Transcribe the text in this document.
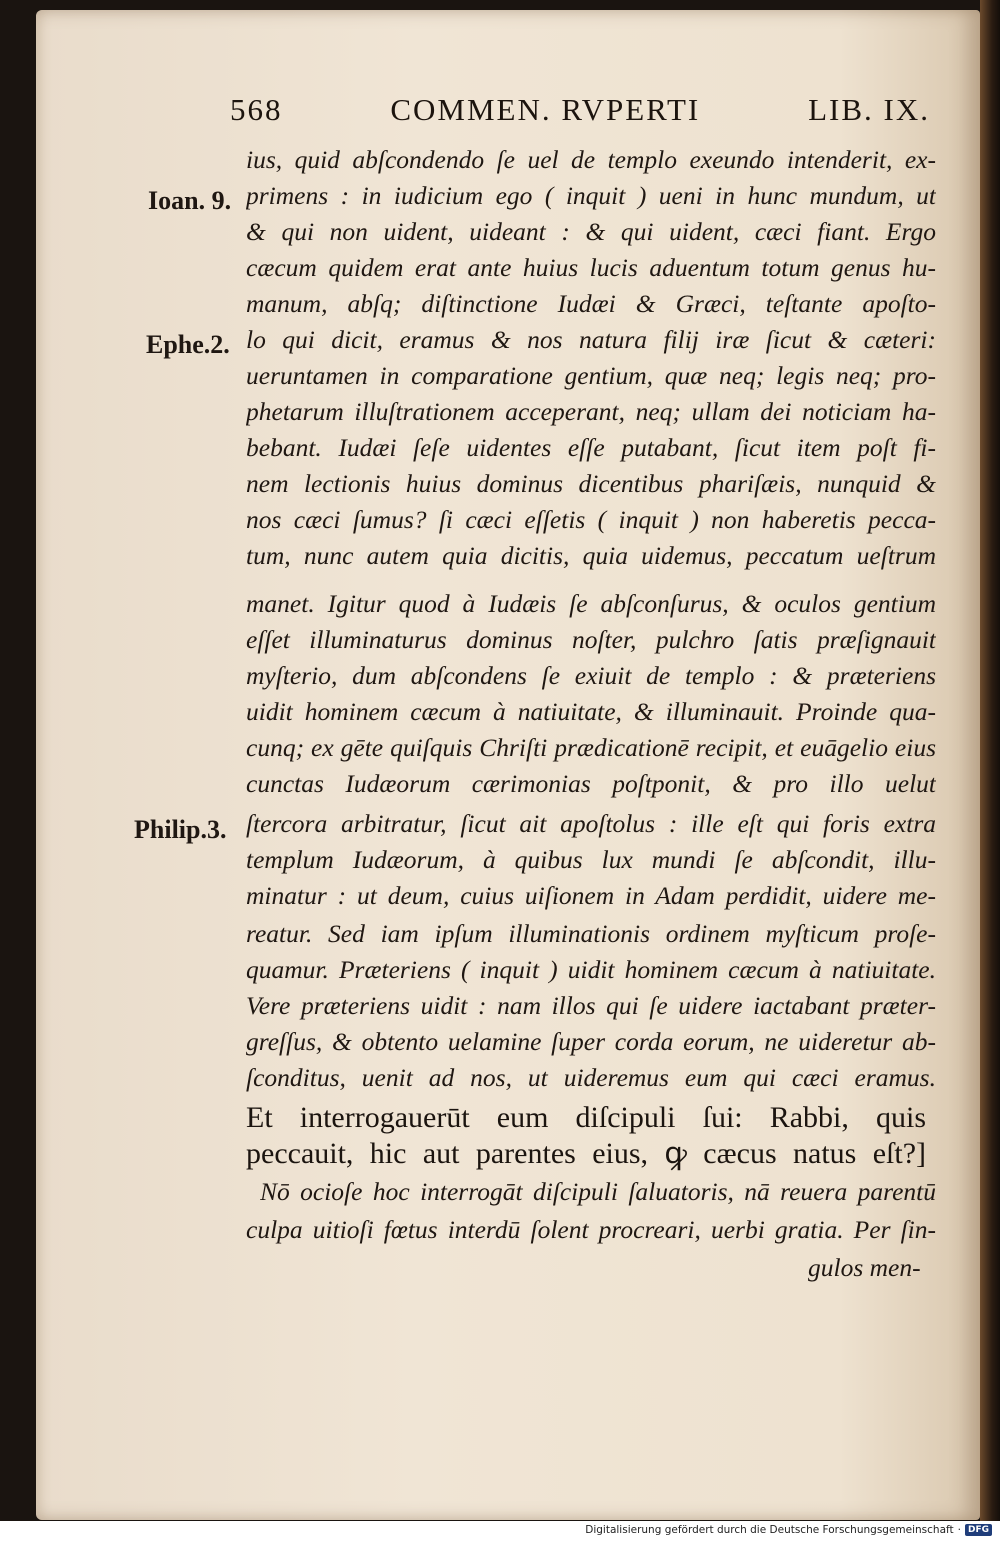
568	COMMEN. RVPERTI	LIB. IX.
Ioan. 9.
Ephe.2.
Philip.3.
ius, quid abſcondendo ſe uel de templo exeundo intenderit, ex-
primens : in iudicium ego ( inquit ) ueni in hunc mundum, ut
& qui non uident, uideant : & qui uident, cæci fiant. Ergo
cæcum quidem erat ante huius lucis aduentum totum genus hu-
manum, abſq; diſtinctione Iudæi & Græci, teſtante apoſto-
lo qui dicit, eramus & nos natura filij iræ ſicut & cæteri:
ueruntamen in comparatione gentium, quæ neq; legis neq; pro-
phetarum illuſtrationem acceperant, neq; ullam dei noticiam ha-
bebant. Iudæi ſeſe uidentes eſſe putabant, ſicut item poſt fi-
nem lectionis huius dominus dicentibus phariſæis, nunquid &
nos cæci ſumus? ſi cæci eſſetis ( inquit ) non haberetis pecca-
tum, nunc autem quia dicitis, quia uidemus, peccatum ueſtrum
manet. Igitur quod à Iudæis ſe abſconſurus, & oculos gentium
eſſet illuminaturus dominus noſter, pulchro ſatis præſignauit
myſterio, dum abſcondens ſe exiuit de templo : & præteriens
uidit hominem cæcum à natiuitate, & illuminauit. Proinde qua-
cunq; ex gēte quiſquis Chriſti prædicationē recipit, et euāgelio eius
cunctas Iudæorum cærimonias poſtponit, & pro illo uelut
ſtercora arbitratur, ſicut ait apoſtolus : ille eſt qui foris extra
templum Iudæorum, à quibus lux mundi ſe abſcondit, illu-
minatur : ut deum, cuius uiſionem in Adam perdidit, uidere me-
reatur. Sed iam ipſum illuminationis ordinem myſticum proſe-
quamur. Præteriens ( inquit ) uidit hominem cæcum à natiuitate.
Vere præteriens uidit : nam illos qui ſe uidere iactabant præter-
greſſus, & obtento uelamine ſuper corda eorum, ne uideretur ab-
ſconditus, uenit ad nos, ut uideremus eum qui cæci eramus.
Et interrogauerūt eum diſcipuli ſui: Rabbi, quis
peccauit, hic aut parentes eius, ꝙ cæcus natus eſt?]
Nō ocioſe hoc interrogāt diſcipuli ſaluatoris, nā reuera parentū
culpa uitioſi fœtus interdū ſolent procreari, uerbi gratia. Per ſin-
gulos men-
Digitalisierung gefördert durch die Deutsche Forschungsgemeinschaft · DFG
